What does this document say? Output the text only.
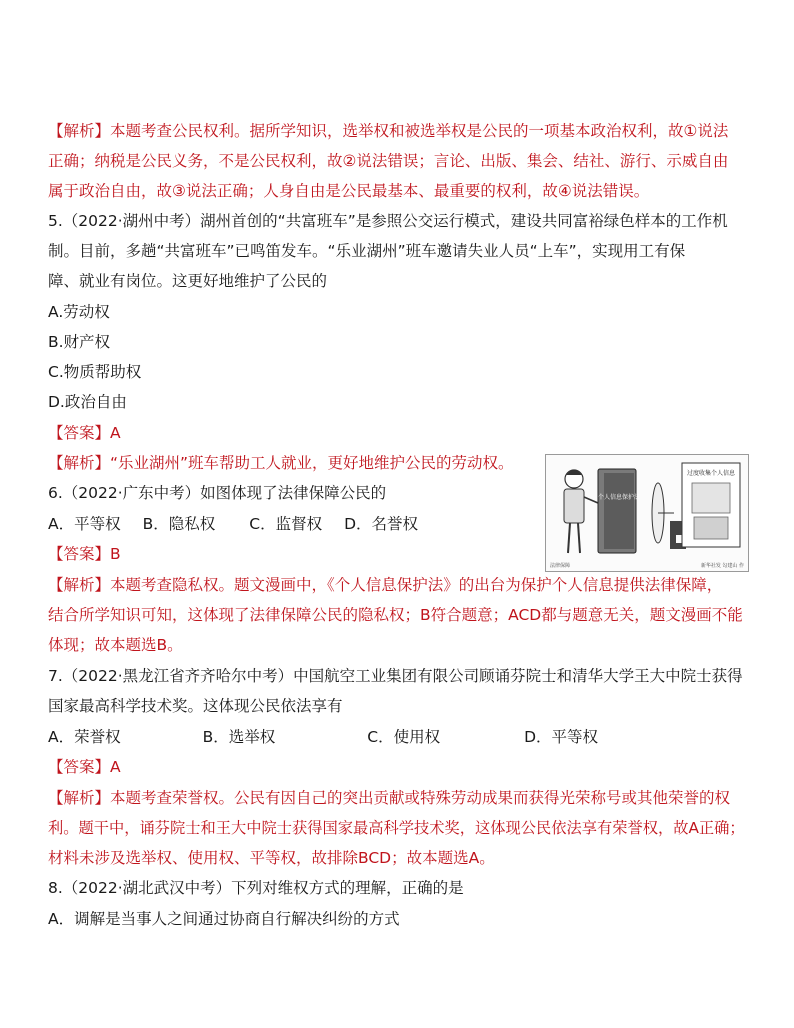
【解析】本题考查公民权利。据所学知识，选举权和被选举权是公民的一项基本政治权利，故①说法
正确；纳税是公民义务，不是公民权利，故②说法错误；言论、出版、集会、结社、游行、示威自由
属于政治自由，故③说法正确；人身自由是公民最基本、最重要的权利，故④说法错误。
5.（2022·湖州中考）湖州首创的“共富班车”是参照公交运行模式，建设共同富裕绿色样本的工作机
制。目前，多趟“共富班车”已鸣笛发车。“乐业湖州”班车邀请失业人员“上车”，实现用工有保
障、就业有岗位。这更好地维护了公民的
A.劳动权
B.财产权
C.物质帮助权
D.政治自由
【答案】A
【解析】“乐业湖州”班车帮助工人就业，更好地维护公民的劳动权。
6.（2022·广东中考）如图体现了法律保障公民的	个人信息保护法
过度收集个人信息
法律保障	新华社发 勾建山 作
A．平等权 B．隐私权 C．监督权 D．名誉权
【答案】B
【解析】本题考查隐私权。题文漫画中，《个人信息保护法》的出台为保护个人信息提供法律保障，
结合所学知识可知，这体现了法律保障公民的隐私权；B符合题意；ACD都与题意无关，题文漫画不能
体现；故本题选B。
7.（2022·黑龙江省齐齐哈尔中考）中国航空工业集团有限公司顾诵芬院士和清华大学王大中院士获得
国家最高科学技术奖。这体现公民依法享有
A．荣誉权	B．选举权	C．使用权	D．平等权
【答案】A
【解析】本题考查荣誉权。公民有因自己的突出贡献或特殊劳动成果而获得光荣称号或其他荣誉的权
利。题干中，诵芬院士和王大中院士获得国家最高科学技术奖，这体现公民依法享有荣誉权，故A正确；
材料未涉及选举权、使用权、平等权，故排除BCD；故本题选A。
8.（2022·湖北武汉中考）下列对维权方式的理解，正确的是
A．调解是当事人之间通过协商自行解决纠纷的方式
